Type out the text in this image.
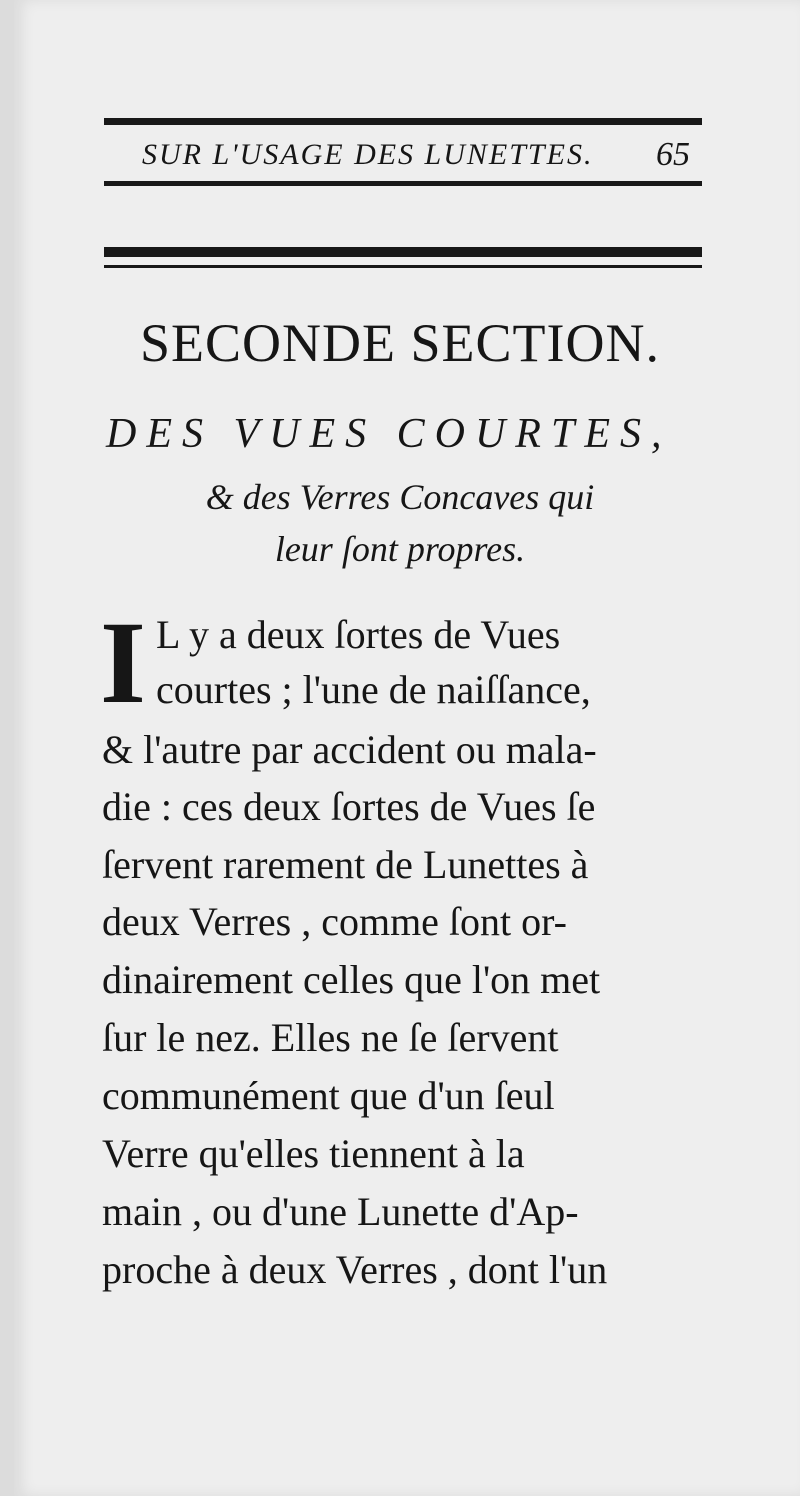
SUR L'USAGE DES LUNETTES. 65
SECONDE SECTION.
DES VUES COURTES,
& des Verres Concaves qui
leur ſont propres.
I L y a deux ſortes de Vues
courtes ; l'une de naiſſance,
& l'autre par accident ou mala-
die : ces deux ſortes de Vues ſe
ſervent rarement de Lunettes à
deux Verres , comme ſont or-
dinairement celles que l'on met
ſur le nez. Elles ne ſe ſervent
communément que d'un ſeul
Verre qu'elles tiennent à la
main , ou d'une Lunette d'Ap-
proche à deux Verres , dont l'un
